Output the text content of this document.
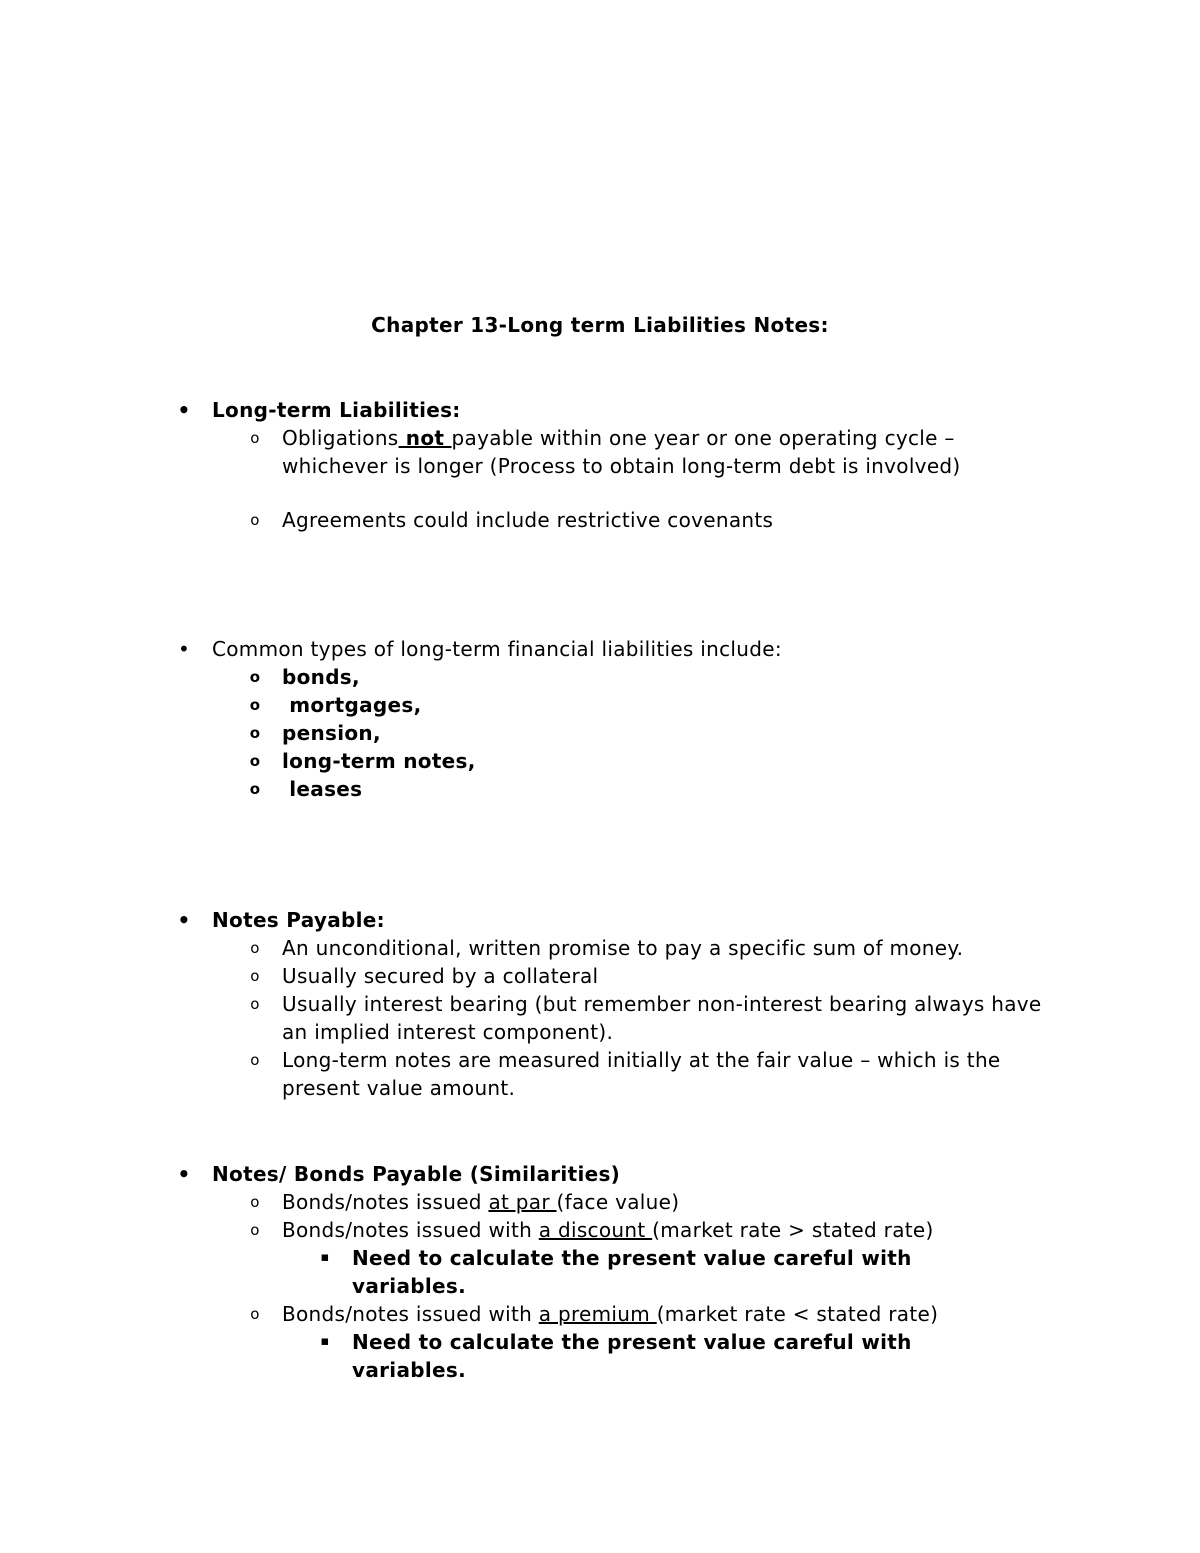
Chapter 13-Long term Liabilities Notes:
• Long-term Liabilities:
o Obligations not payable within one year or one operating cycle – whichever is longer (Process to obtain long-term debt is involved)
o Agreements could include restrictive covenants
• Common types of long-term financial liabilities include:
o bonds,
o mortgages,
o pension,
o long-term notes,
o leases
• Notes Payable:
o An unconditional, written promise to pay a specific sum of money.
o Usually secured by a collateral
o Usually interest bearing (but remember non-interest bearing always have an implied interest component).
o Long-term notes are measured initially at the fair value – which is the present value amount.
• Notes/ Bonds Payable (Similarities)
o Bonds/notes issued at par (face value)
o Bonds/notes issued with a discount (market rate > stated rate)
▪ Need to calculate the present value careful with variables.
o Bonds/notes issued with a premium (market rate < stated rate)
▪ Need to calculate the present value careful with variables.
